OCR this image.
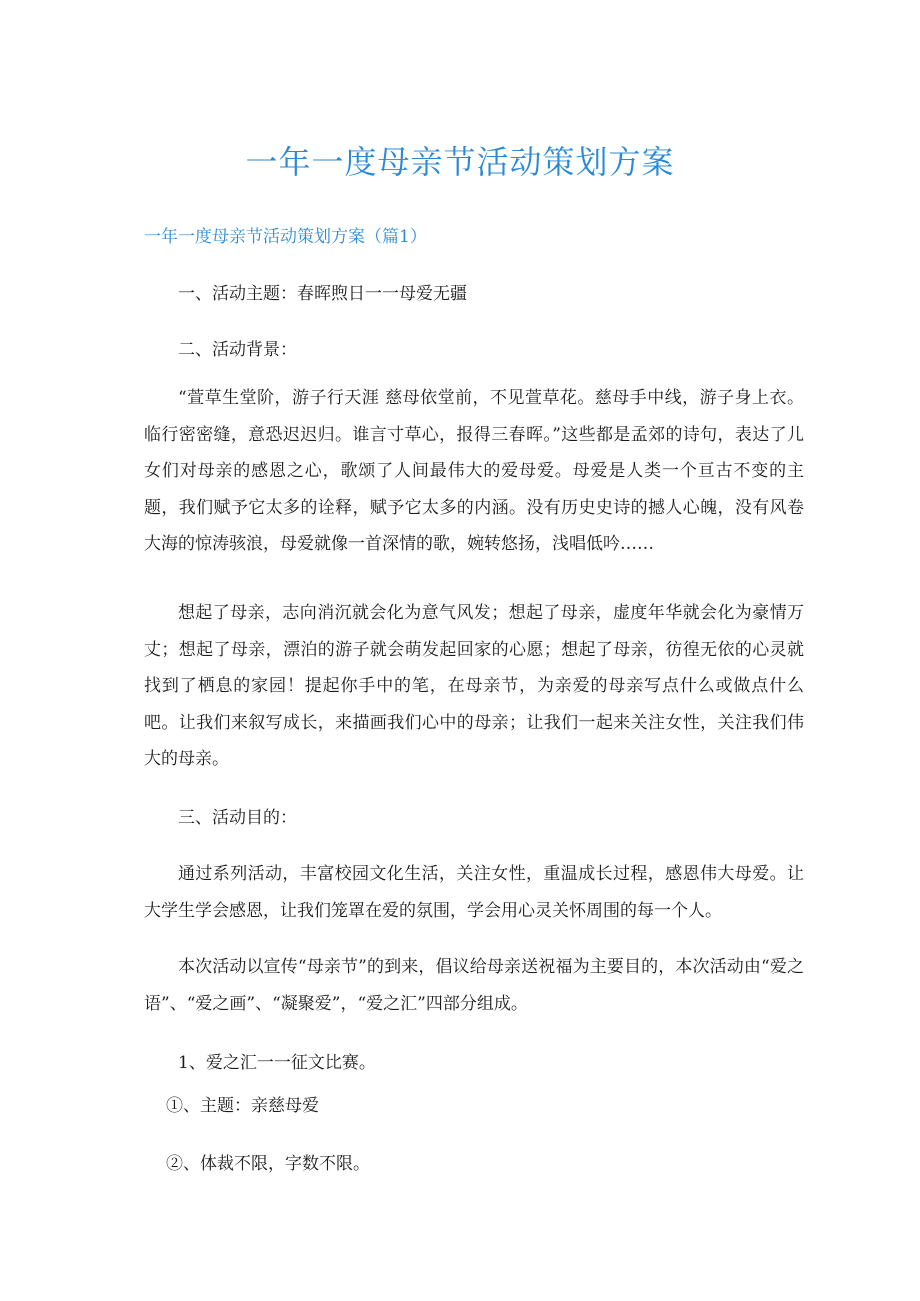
一年一度母亲节活动策划方案

一年一度母亲节活动策划方案（篇1）

一、活动主题：春晖煦日一一母爱无疆

二、活动背景：

“萱草生堂阶，游子行天涯 慈母依堂前，不见萱草花。慈母手中线，游子身上衣。临行密密缝，意恐迟迟归。谁言寸草心，报得三春晖。”这些都是孟郊的诗句，表达了儿女们对母亲的感恩之心，歌颂了人间最伟大的爱母爱。母爱是人类一个亘古不变的主题，我们赋予它太多的诠释，赋予它太多的内涵。没有历史史诗的撼人心魄，没有风卷大海的惊涛骇浪，母爱就像一首深情的歌，婉转悠扬，浅唱低吟……

想起了母亲，志向消沉就会化为意气风发；想起了母亲，虚度年华就会化为豪情万丈；想起了母亲，漂泊的游子就会萌发起回家的心愿；想起了母亲，彷徨无依的心灵就找到了栖息的家园！提起你手中的笔，在母亲节，为亲爱的母亲写点什么或做点什么吧。让我们来叙写成长，来描画我们心中的母亲；让我们一起来关注女性，关注我们伟大的母亲。

三、活动目的：

通过系列活动，丰富校园文化生活，关注女性，重温成长过程，感恩伟大母爱。让大学生学会感恩，让我们笼罩在爱的氛围，学会用心灵关怀周围的每一个人。

本次活动以宣传“母亲节”的到来，倡议给母亲送祝福为主要目的，本次活动由“爱之语”、“爱之画”、“凝聚爱”，“爱之汇”四部分组成。

1、爱之汇一一征文比赛。

①、主题：亲慈母爱

②、体裁不限，字数不限。
